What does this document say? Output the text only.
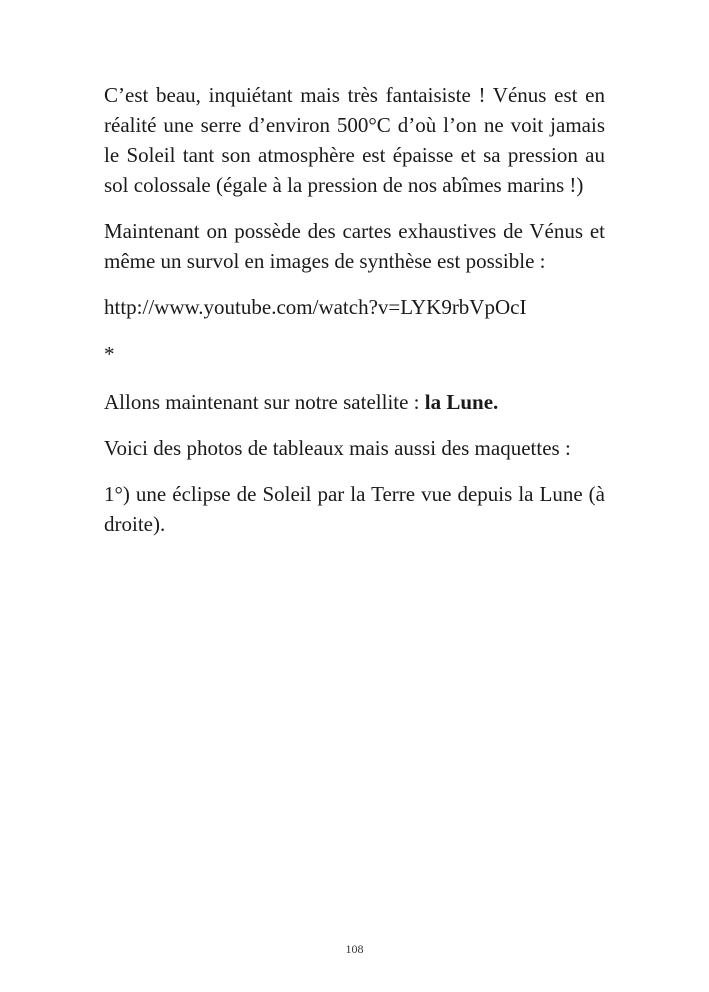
C’est beau, inquiétant mais très fantaisiste ! Vénus est en réalité une serre d’environ 500°C d’où l’on ne voit jamais le Soleil tant son atmosphère est épaisse et sa pression au sol colossale (égale à la pression de nos abîmes marins !)

Maintenant on possède des cartes exhaustives de Vénus et même un survol en images de synthèse est possible :

http://www.youtube.com/watch?v=LYK9rbVpOcI

*

Allons maintenant sur notre satellite : la Lune.

Voici des photos de tableaux mais aussi des maquettes :

1°) une éclipse de Soleil par la Terre vue depuis la Lune (à droite).

108
